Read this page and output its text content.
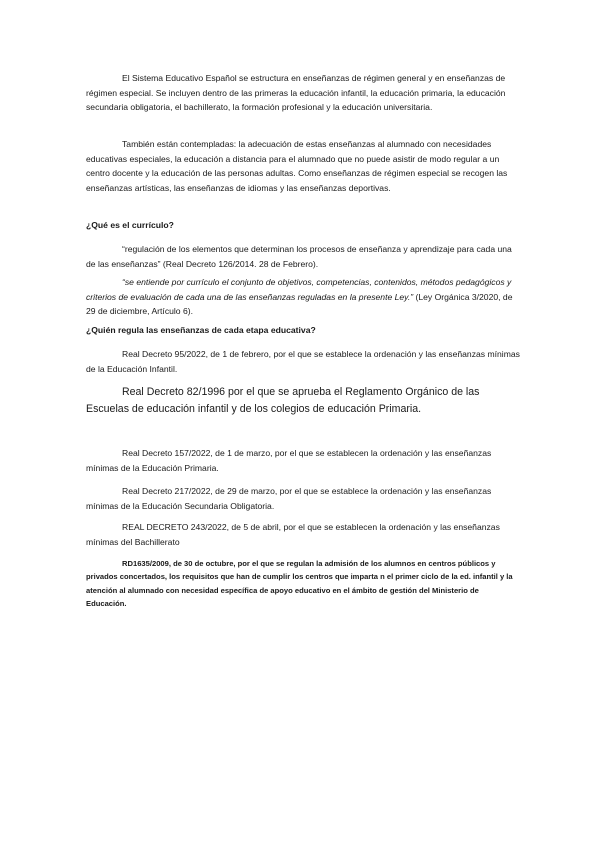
El Sistema Educativo Español se estructura en enseñanzas de régimen general y en enseñanzas de régimen especial. Se incluyen dentro de las primeras la educación infantil, la educación primaria, la educación secundaria obligatoria, el bachillerato, la formación profesional y la educación universitaria.

También están contempladas: la adecuación de estas enseñanzas al alumnado con necesidades educativas especiales, la educación a distancia para el alumnado que no puede asistir de modo regular a un centro docente y la educación de las personas adultas. Como enseñanzas de régimen especial se recogen las enseñanzas artísticas, las enseñanzas de idiomas y las enseñanzas deportivas.

¿Qué es el currículo?

“regulación de los elementos que determinan los procesos de enseñanza y aprendizaje para cada una de las enseñanzas” (Real Decreto 126/2014. 28 de Febrero).

“se entiende por currículo el conjunto de objetivos, competencias, contenidos, métodos pedagógicos y criterios de evaluación de cada una de las enseñanzas reguladas en la presente Ley.” (Ley Orgánica 3/2020, de 29 de diciembre, Artículo 6).

¿Quién regula las enseñanzas de cada etapa educativa?

Real Decreto 95/2022, de 1 de febrero, por el que se establece la ordenación y las enseñanzas mínimas de la Educación Infantil.

Real Decreto 82/1996 por el que se aprueba el Reglamento Orgánico de las Escuelas de educación infantil y de los colegios de educación Primaria.

Real Decreto 157/2022, de 1 de marzo, por el que se establecen la ordenación y las enseñanzas mínimas de la Educación Primaria.

Real Decreto 217/2022, de 29 de marzo, por el que se establece la ordenación y las enseñanzas mínimas de la Educación Secundaria Obligatoria.

REAL DECRETO 243/2022, de 5 de abril, por el que se establecen la ordenación y las enseñanzas mínimas del Bachillerato

RD1635/2009, de 30 de octubre, por el que se regulan la admisión de los alumnos en centros públicos y privados concertados, los requisitos que han de cumplir los centros que imparta n el primer ciclo de la ed. infantil y la atención al alumnado con necesidad específica de apoyo educativo en el ámbito de gestión del Ministerio de Educación.
